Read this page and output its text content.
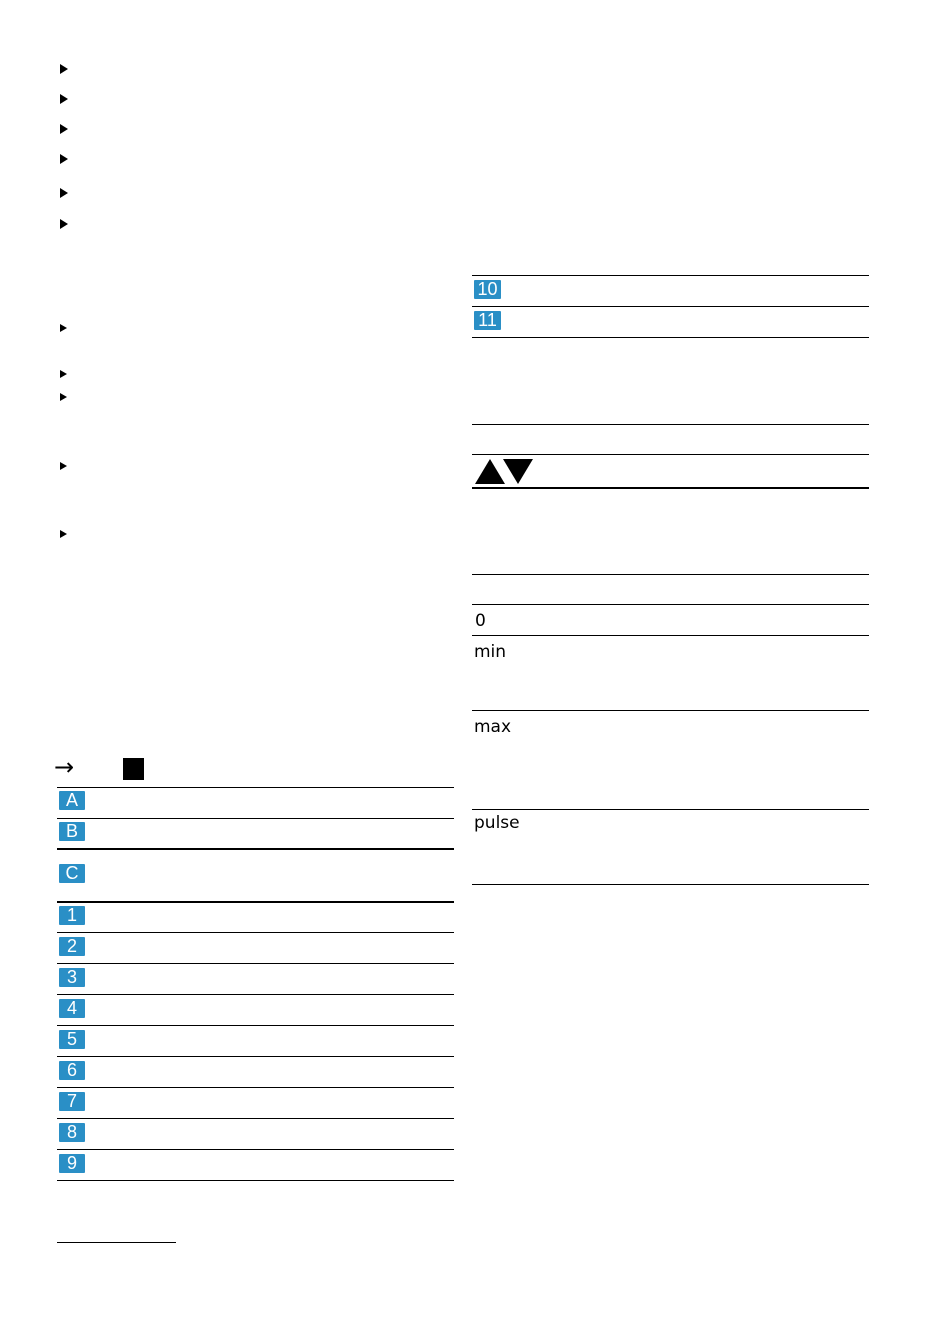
→
A
B
C
1
2
3
4
5
6
7
8
9
10
11
0
min
max
pulse
